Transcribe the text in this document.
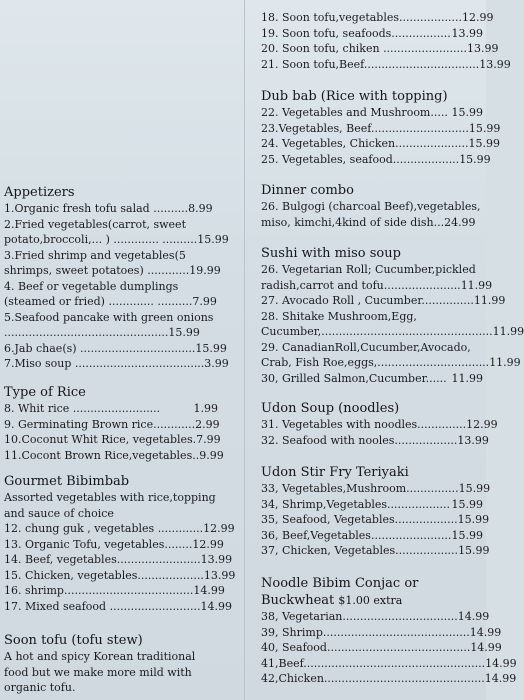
Appetizers
1.Organic fresh tofu salad ..........8.99
2.Fried vegetables(carrot, sweet
potato,broccoli,... ) ............. ..........15.99
3.Fried shrimp and vegetables(5
shrimps, sweet potatoes) ............19.99
4. Beef or vegetable dumplings
(steamed or fried) ............. ..........7.99
5.Seafood pancake with green onions
...............................................15.99
6.Jab chae(s) .................................15.99
7.Miso soup .....................................3.99
Type of Rice
8. Whit rice .........................	1.99
9. Germinating Brown rice............ 2.99
10.Coconut Whit Rice, vegetables. 7.99
11.Cocont Brown Rice,vegetables.. 9.99
Gourmet Bibimbab
Assorted vegetables with rice,topping
and sauce of choice
12. chung guk , vegetables ............. 12.99
13. Organic Tofu, vegetables........ 12.99
14. Beef, vegetables........................ 13.99
15. Chicken, vegetables................... 13.99
16. shrimp..................................... 14.99
17. Mixed seafood .......................... 14.99
Soon tofu (tofu stew)
A hot and spicy Korean traditional
food but we make more mild with
organic tofu.
18. Soon tofu,vegetables.................. 12.99
19. Soon tofu, seafoods................. 13.99
20. Soon tofu, chiken ........................ 13.99
21. Soon tofu,Beef................................. 13.99
Dub bab (Rice with topping)
22. Vegetables and Mushroom..... 15.99
23.Vegetables, Beef............................ 15.99
24. Vegetables, Chicken..................... 15.99
25. Vegetables, seafood................... 15.99
Dinner combo
26. Bulgogi (charcoal Beef),vegetables,
miso, kimchi,4kind of side dish...24.99
Sushi with miso soup
26. Vegetarian Roll; Cucumber,pickled
radish,carrot and tofu...................... 11.99
27. Avocado Roll , Cucumber............... 11.99
28. Shitake Mushroom,Egg,
Cucumber,................................................. 11.99
29. CanadianRoll,Cucumber,Avocado,
Crab, Fish Roe,eggs,................................ 11.99
30, Grilled Salmon,Cucumber...... 11.99
Udon Soup (noodles)
31. Vegetables with noodles.............. 12.99
32. Seafood with nooles.................. 13.99
Udon Stir Fry Teriyaki
33, Vegetables,Mushroom............... 15.99
34, Shrimp,Vegetables.................. 15.99
35, Seafood, Vegetables.................. 15.99
36, Beef,Vegetables....................... 15.99
37, Chicken, Vegetables.................. 15.99
Noodle Bibim Conjac or
Buckwheat $1.00 extra
38, Vegetarian................................. 14.99
39, Shrimp.......................................... 14.99
40, Seafood......................................... 14.99
41,Beef.................................................... 14.99
42,Chicken.............................................. 14.99
